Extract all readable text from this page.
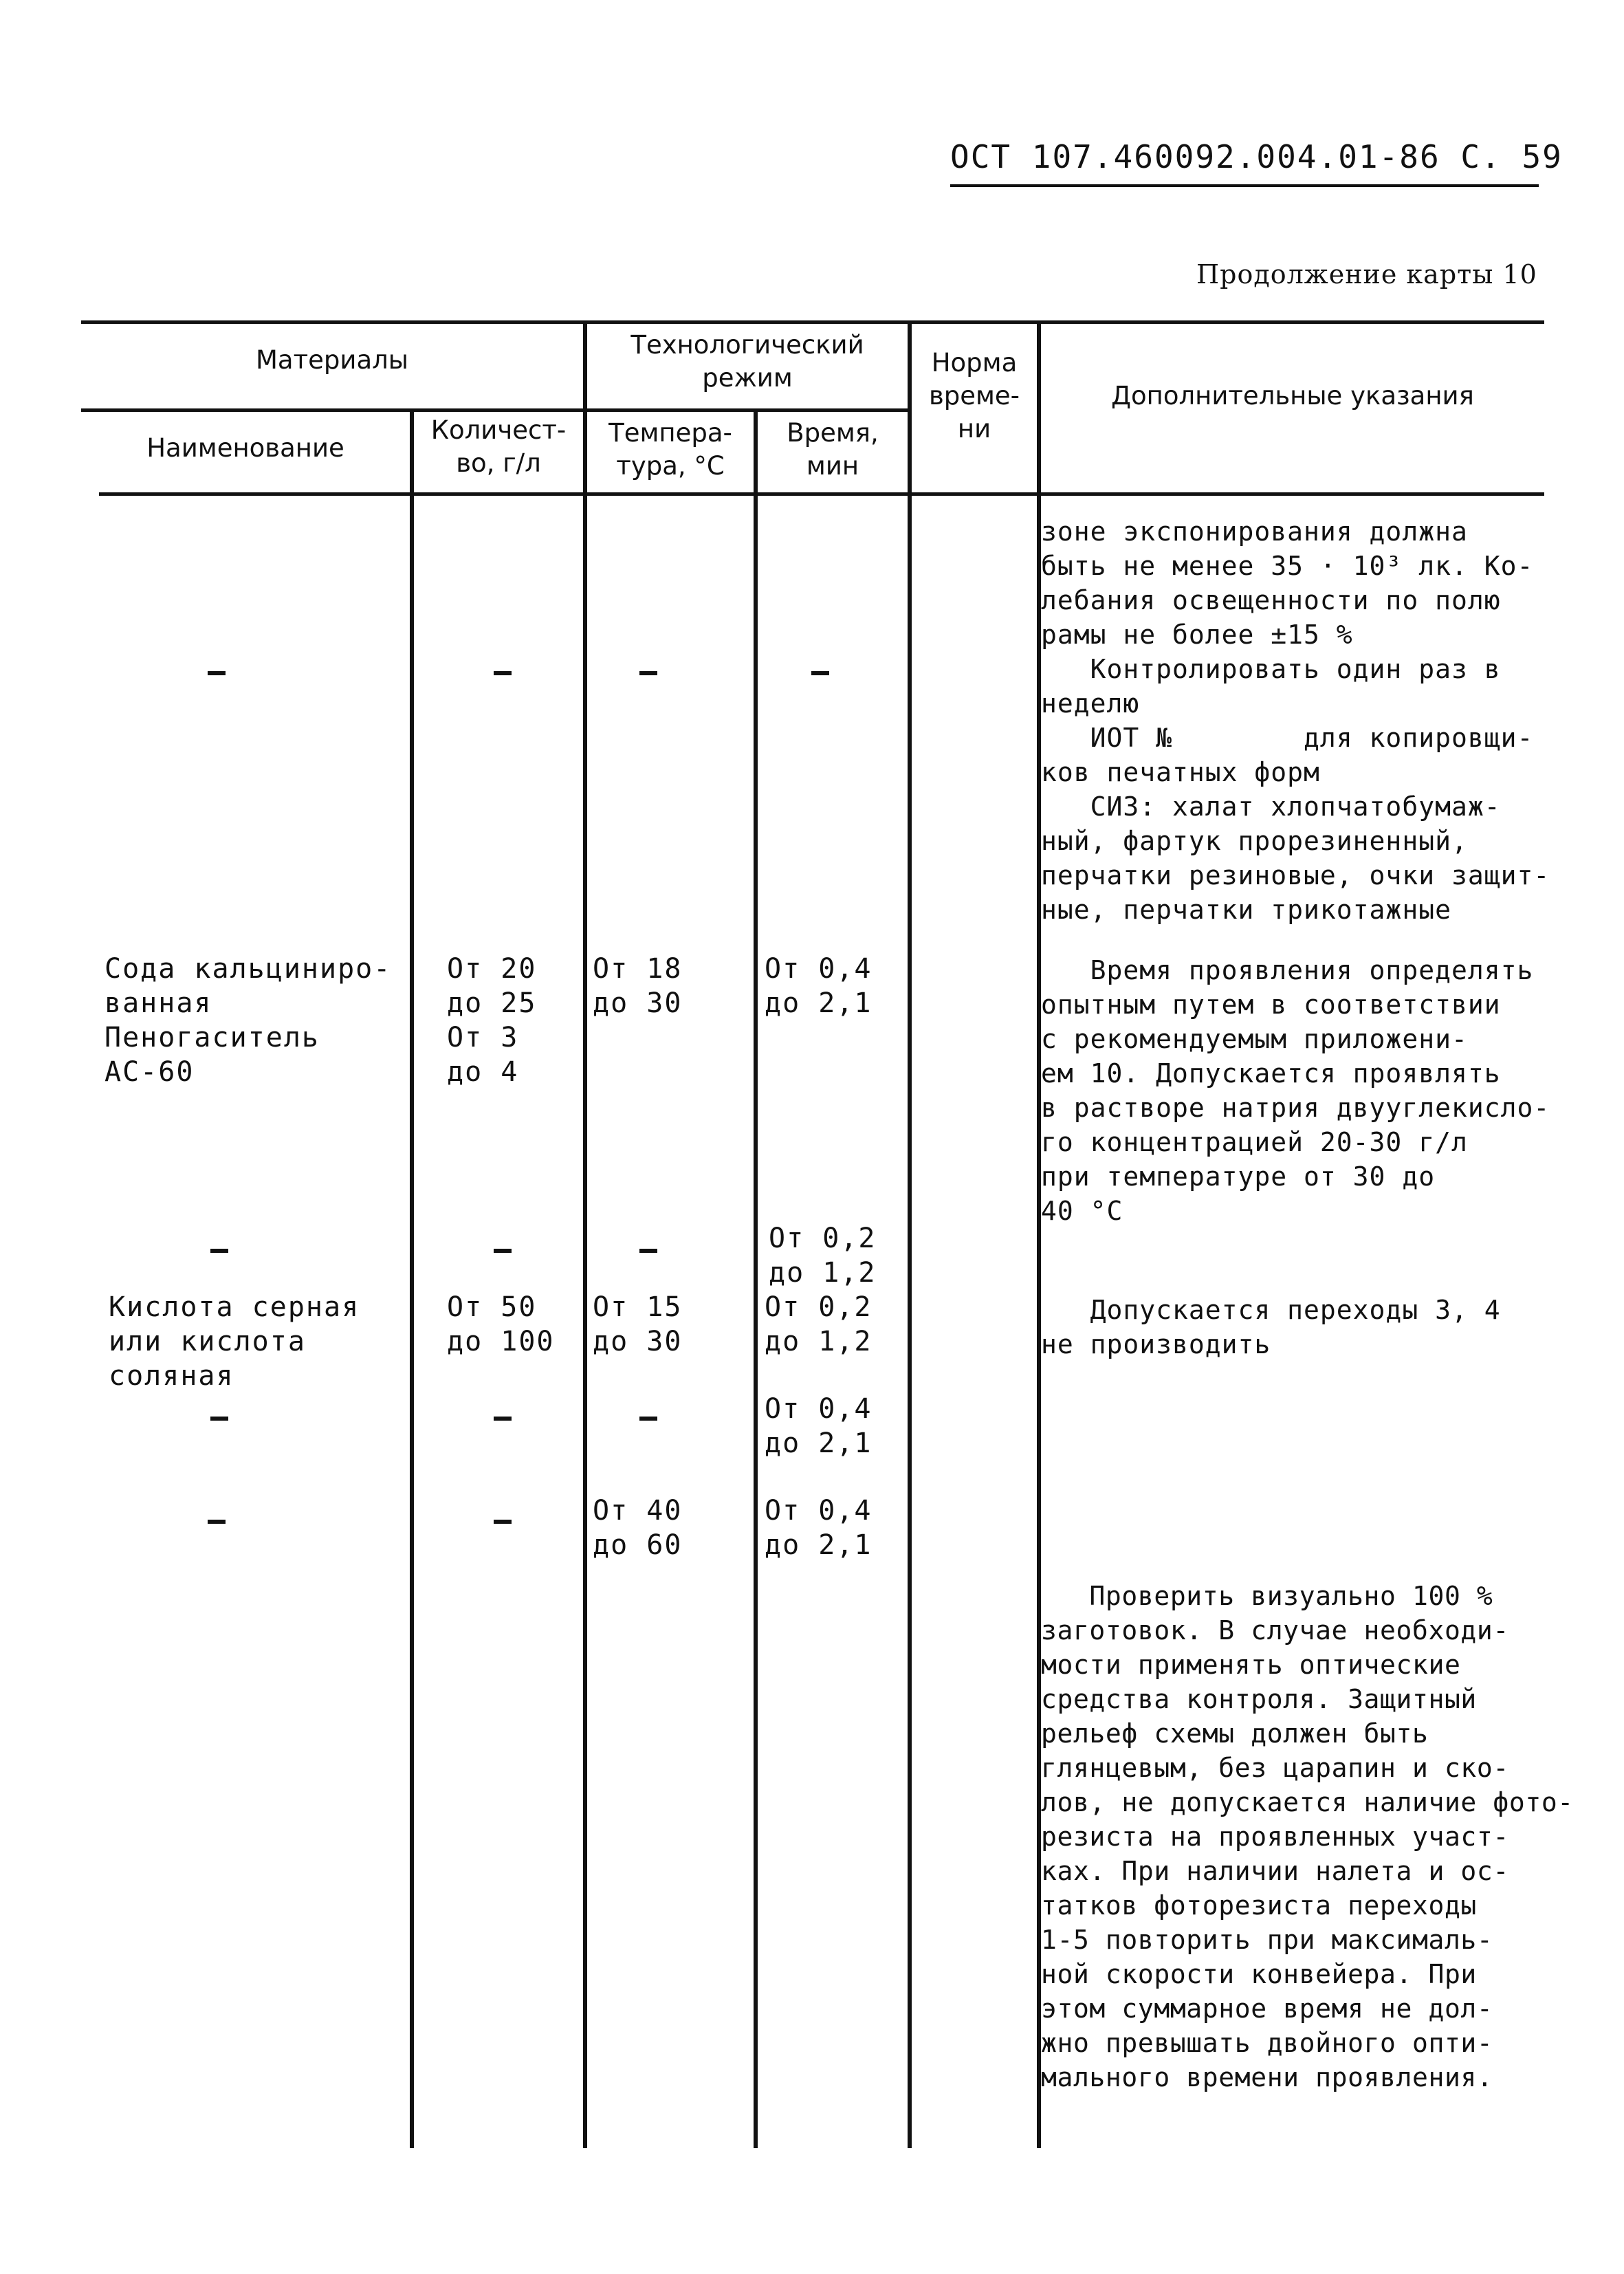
ОСТ 107.460092.004.01-86 С. 59
Продолжение карты 10
Материалы
Наименование
Количест-
во, г/л
Технологический
режим
Темпера-
тура, °С
Время,
мин
Норма
време-
ни
Дополнительные указания
зоне экспонирования должна
быть не менее 35 · 10³ лк. Ко-
лебания освещенности по полю
рамы не более ±15 %
Контролировать один раз в
неделю
ИОТ №        для копировщи-
ков печатных форм
СИЗ: халат хлопчатобумаж-
ный, фартук прорезиненный,
перчатки резиновые, очки защит-
ные, перчатки трикотажные
Сода кальциниро-
ванная
Пеногаситель
АС-60
От 20
до 25
От 3
до 4
От 18
до 30
От 0,4
до 2,1
Время проявления определять
опытным путем в соответствии
с рекомендуемым приложени-
ем 10. Допускается проявлять
в растворе натрия двууглекисло-
го концентрацией 20-30 г/л
при температуре от 30 до
40 °С
От 0,2
до 1,2
Кислота серная
или кислота
соляная
От 50
до 100
От 15
до 30
От 0,2
до 1,2
Допускается переходы 3, 4
не производить
От 0,4
до 2,1
От 40
до 60
От 0,4
до 2,1
Проверить визуально 100 %
заготовок. В случае необходи-
мости применять оптические
средства контроля. Защитный
рельеф схемы должен быть
глянцевым, без царапин и ско-
лов, не допускается наличие фото-
резиста на проявленных участ-
ках. При наличии налета и ос-
татков фоторезиста переходы
1-5 повторить при максималь-
ной скорости конвейера. При
этом суммарное время не дол-
жно превышать двойного опти-
мального времени проявления.
